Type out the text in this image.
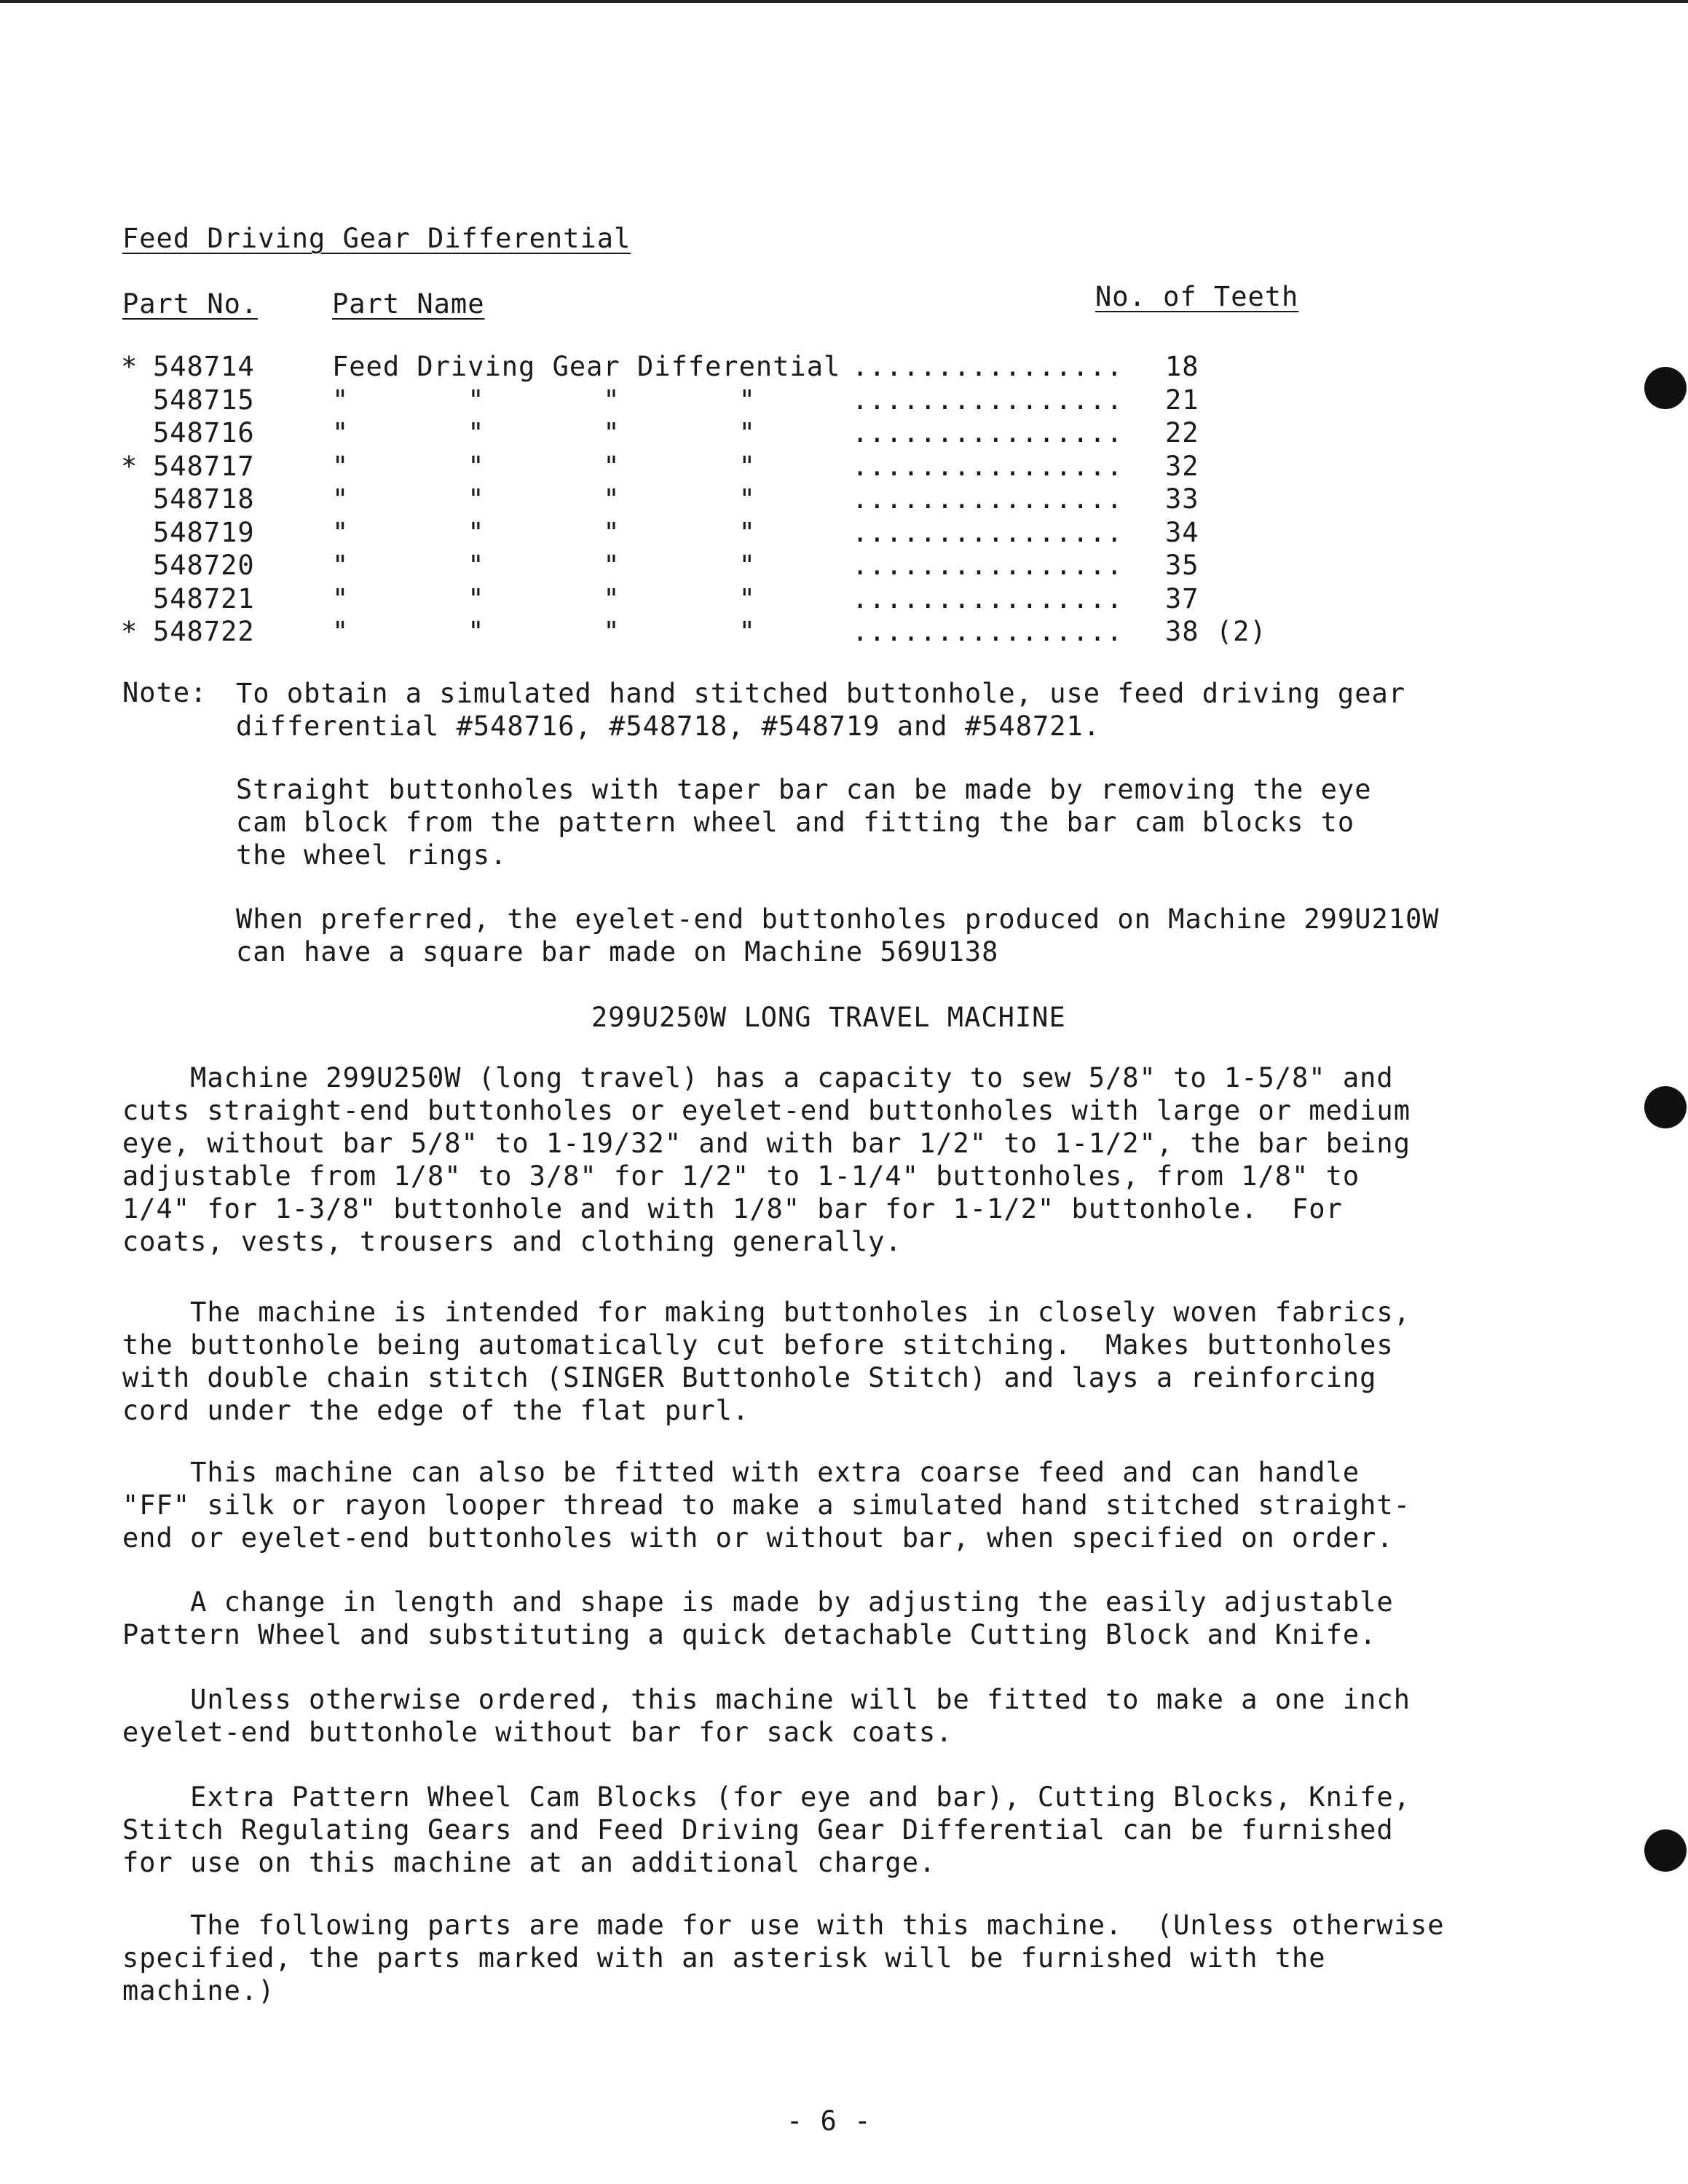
Feed Driving Gear Differential
Part No.	Part Name	No. of Teeth
* 548714	Feed Driving Gear Differential ................ 18
548715	"       "       "       "	................ 21
548716	"       "       "       "	................ 22
* 548717	"       "       "       "	................ 32
548718	"       "       "       "	................ 33
548719	"       "       "       "	................ 34
548720	"       "       "       "	................ 35
548721	"       "       "       "	................ 37
* 548722	"       "       "       "	................ 38 (2)
Note: To obtain a simulated hand stitched buttonhole, use feed driving gear
differential #548716, #548718, #548719 and #548721.
Straight buttonholes with taper bar can be made by removing the eye
cam block from the pattern wheel and fitting the bar cam blocks to
the wheel rings.
When preferred, the eyelet-end buttonholes produced on Machine 299U210W
can have a square bar made on Machine 569U138
299U250W LONG TRAVEL MACHINE
Machine 299U250W (long travel) has a capacity to sew 5/8" to 1-5/8" and
cuts straight-end buttonholes or eyelet-end buttonholes with large or medium
eye, without bar 5/8" to 1-19/32" and with bar 1/2" to 1-1/2", the bar being
adjustable from 1/8" to 3/8" for 1/2" to 1-1/4" buttonholes, from 1/8" to
1/4" for 1-3/8" buttonhole and with 1/8" bar for 1-1/2" buttonhole.  For
coats, vests, trousers and clothing generally.
The machine is intended for making buttonholes in closely woven fabrics,
the buttonhole being automatically cut before stitching.  Makes buttonholes
with double chain stitch (SINGER Buttonhole Stitch) and lays a reinforcing
cord under the edge of the flat purl.
This machine can also be fitted with extra coarse feed and can handle
"FF" silk or rayon looper thread to make a simulated hand stitched straight-
end or eyelet-end buttonholes with or without bar, when specified on order.
A change in length and shape is made by adjusting the easily adjustable
Pattern Wheel and substituting a quick detachable Cutting Block and Knife.
Unless otherwise ordered, this machine will be fitted to make a one inch
eyelet-end buttonhole without bar for sack coats.
Extra Pattern Wheel Cam Blocks (for eye and bar), Cutting Blocks, Knife,
Stitch Regulating Gears and Feed Driving Gear Differential can be furnished
for use on this machine at an additional charge.
The following parts are made for use with this machine.  (Unless otherwise
specified, the parts marked with an asterisk will be furnished with the
machine.)
- 6 -
